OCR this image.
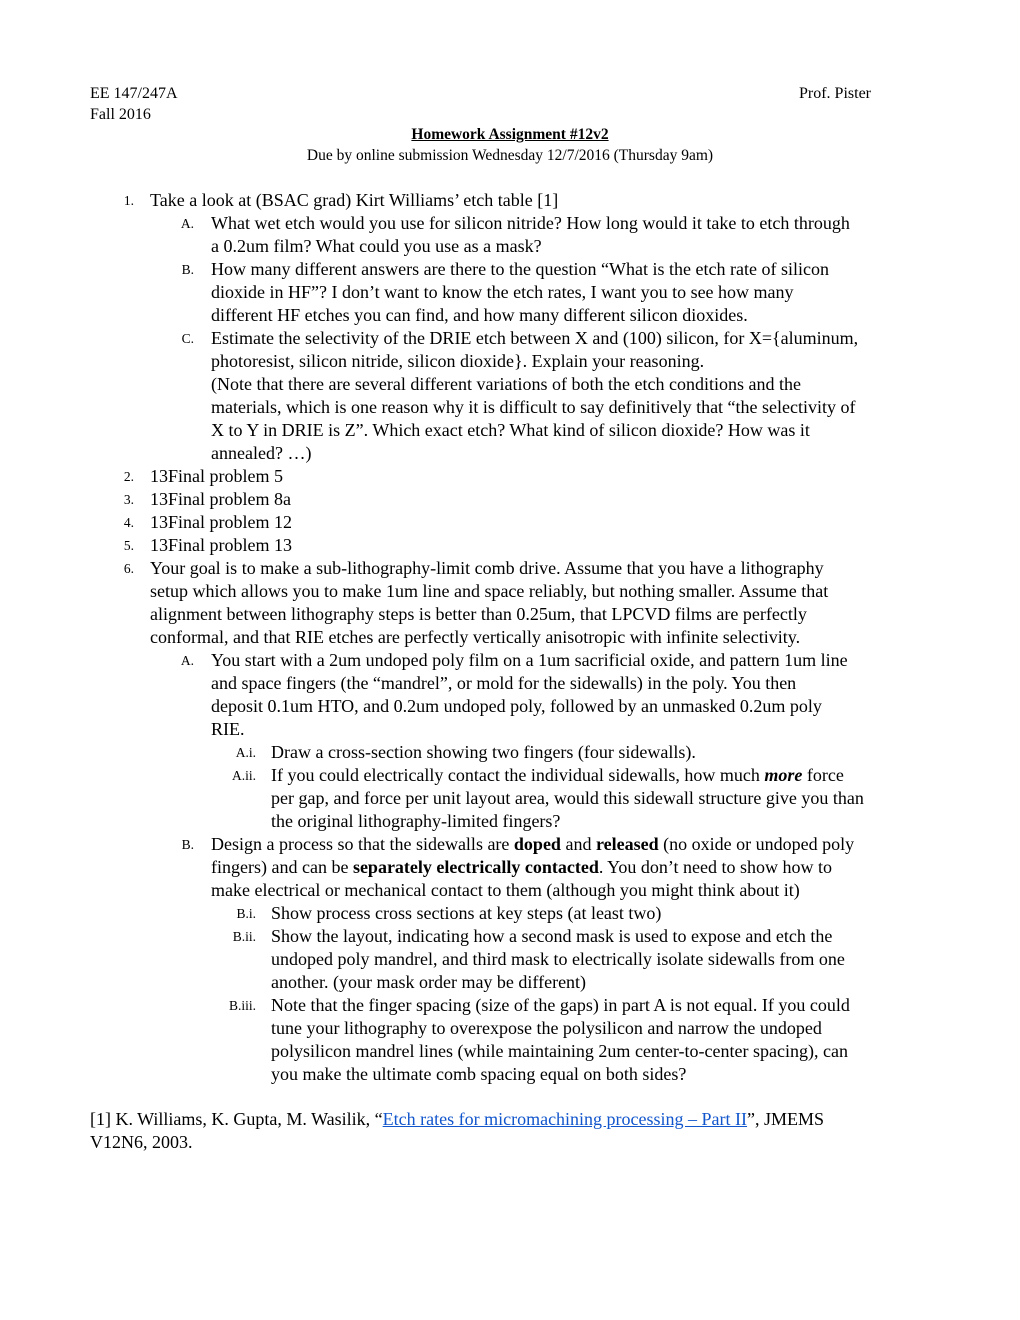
EE 147/247A	Prof. Pister
Fall 2016
Homework Assignment #12v2
Due by online submission Wednesday 12/7/2016 (Thursday 9am)
1. Take a look at (BSAC grad) Kirt Williams’ etch table [1]
A. What wet etch would you use for silicon nitride? How long would it take to etch through
a 0.2um film? What could you use as a mask?
B. How many different answers are there to the question “What is the etch rate of silicon
dioxide in HF”? I don’t want to know the etch rates, I want you to see how many
different HF etches you can find, and how many different silicon dioxides.
C. Estimate the selectivity of the DRIE etch between X and (100) silicon, for X={aluminum,
photoresist, silicon nitride, silicon dioxide}. Explain your reasoning.
(Note that there are several different variations of both the etch conditions and the
materials, which is one reason why it is difficult to say definitively that “the selectivity of
X to Y in DRIE is Z”. Which exact etch? What kind of silicon dioxide? How was it
annealed? …)
2. 13Final problem 5
3. 13Final problem 8a
4. 13Final problem 12
5. 13Final problem 13
6. Your goal is to make a sub-lithography-limit comb drive. Assume that you have a lithography
setup which allows you to make 1um line and space reliably, but nothing smaller. Assume that
alignment between lithography steps is better than 0.25um, that LPCVD films are perfectly
conformal, and that RIE etches are perfectly vertically anisotropic with infinite selectivity.
A. You start with a 2um undoped poly film on a 1um sacrificial oxide, and pattern 1um line
and space fingers (the “mandrel”, or mold for the sidewalls) in the poly. You then
deposit 0.1um HTO, and 0.2um undoped poly, followed by an unmasked 0.2um poly
RIE.
A.i. Draw a cross-section showing two fingers (four sidewalls).
A.ii. If you could electrically contact the individual sidewalls, how much more force
per gap, and force per unit layout area, would this sidewall structure give you than
the original lithography-limited fingers?
B. Design a process so that the sidewalls are doped and released (no oxide or undoped poly
fingers) and can be separately electrically contacted. You don’t need to show how to
make electrical or mechanical contact to them (although you might think about it)
B.i. Show process cross sections at key steps (at least two)
B.ii. Show the layout, indicating how a second mask is used to expose and etch the
undoped poly mandrel, and third mask to electrically isolate sidewalls from one
another. (your mask order may be different)
B.iii. Note that the finger spacing (size of the gaps) in part A is not equal. If you could
tune your lithography to overexpose the polysilicon and narrow the undoped
polysilicon mandrel lines (while maintaining 2um center-to-center spacing), can
you make the ultimate comb spacing equal on both sides?
[1] K. Williams, K. Gupta, M. Wasilik, “Etch rates for micromachining processing – Part II”, JMEMS
V12N6, 2003.
